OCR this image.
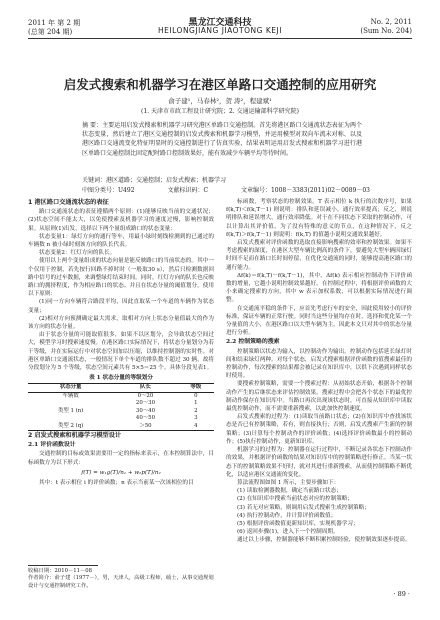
2011 年 第 2 期	No. 2, 2011
(总第 204 期)	(Sum No. 204)
黑龙江交通科技
HEILONGJIANG JIAOTONG KEJI
启发式搜索和机器学习在港区单路口交通控制的应用研究
俞子建¹，马春林²，贺 涛²，程建斌¹
(1. 天津市市政工程设计研究院；2. 交通运输部科学研究院)
摘 要：主要运用启发式搜索和机器学习研究港区单路口交通控制。首先将港区路口交通流状态表征为两个状态变量，然后建立了港区交通控制的启发式搜索和机器学习模型，并运用模型对双向车流未对称、以及港区路口交通流变化特征明显时的交通控制进行了仿真实验，结果表明运用启发式搜索和机器学习进行港区单路口交通控制比固定配时路口控制效果好，能有效减少车辆平均等待时间。
关键词：港区道路；交通控制；启发式搜索；机器学习
中图分类号：U492	文献标识码：C	文章编号：1008－3383(2011)02－0089－03
1 港区路口交通流状态的表征

路口交通流状态的表征遵循两个原则：(1)能够反映当前的交通状况；(2)状态空间不能太大，以免使搜索及机器学习的速度过慢，影响控制效果。从原则(1)出发，选择以下两个量组成路口的状态变量：

状态变量1：绿灯方向的通行等车，用最小绿时刻线检测到的已通过的车辆数 n 被小绿时刻该方向的队长代表。

状态变量2：红灯方向的队长。

使用以上两个变量组成的状态向量是能反映路口的当前状态的。其中一个仅用于控制，若先按行回路不掉时时（一般取30 s），然后只检测数据回路中信号的过车数据，来调整绿灯结束时间。同时，红灯方向的队长也反映路口的拥挤程度，作为相应路口的状态。并且在状态分量的阈值划分，使用以下原则：

(1)同一方向车辆符合路段平均，因此直取某一个车道的车辆作为状态变量；

(2)相对方向预测确定最大需求，取相对方向上状态分量值最大的作为该方向的状态分量。

由于状态分量的可能取值很多，如果不以区划分，会导致状态空间过大，模型学习时搜索速度慢。在港区路口实际情况下，将状态分量划分为若干等级，并在实际运行中对状态空间加以压缩，以维持控制器的实时性。对港区单路口交通流状态，一般情况下单个车道的排队数不超过 30 辆，故将分段划分为 5 个等级，状态空间元素共有 5×5＝25 个。具体分段见表1。

表 1 状态分量的等级划分
状态分量	队长	等级
车辆数	0～20	0
	20～30	1
类型 1 (n)	30～40	2
	40～50	3
类型 2 (q)	＞50	4
2 启发式搜索和机器学习模型设计
2.1 评价函数设计

交通控制的目标或效果需要用一定的指标来表示，在本控制算法中，目标函数方为以下形式：

f(T) = w₁g(T)/n₁ + w₂p(T)/n₂

其中：t 表示相位 i 的评价函数；n 表示当前某一次该相位的目

标函数，考察状态的控制效果。T 表示相位 k 执行的次数序号，如果 f(k,T)＜f(k,T－1) 则说明：排队和延误减小，通行效率提高；反之，则说明排队和延误增大，通行效率降低。对于在不同状态下采取的控制动作，可以计算出其评价值，为了没有特殊的意义的节点，在这种情况下，反之 f(k,T)＞f(k,T－1) 则说明：f(k,T) 的值越小说明交通效果越好。

启发式搜索对评价函数的选取直接影响搜索的效率和控制效果。如果不考虑搜索的深度，在港区大型车辆比例高的条件下，要避免大型车辆因绿灯时间不足而在路口长时间停留，在优化交通流的同时，能够提高港区路口的通行能力。

Δf(k)＝f(k,T)－f(k,T－1)，其中，Δf(k) 表示相应控制动作下评价函数的增量，它越小说明控制效果越好。在控制过程中，将根据评价函数的大小来确定搜索的方向，其中 w 表示加权系数，可以根据实际情况进行调整。

在交通流平稳的条件下，应首先考虑行车的安全，因此使用较小的评价标准，保证车辆的正常行驶。同时当这些分量均存在时，选择和优化某一个分量值的大小，在港区路口以大型车辆为主，因此本文只对其中的状态分量进行分析。

2.2 控制策略的搜索

控制策略以状态为输入，以控制动作为输出。控制动作包括延长绿灯时间和结束绿灯两种。对每个状态，启发式搜索根据评价函数的值搜索最佳的控制动作，每次搜索的结果都会被记录在知识库中，以供下次遇到同样状态时使用。

要搜索控制策略，需要一个搜索过程：从初始状态开始，根据各个控制动作产生的后继状态来评估控制效果。搜索过程中会把各个状态下的最优控制动作保存在知识库中。当路口再次出现该状态时，可直接从知识库中读取最优控制动作，而不需要重新搜索，以此加快控制速度。

启发式搜索的过程为：(1)读取当前路口状态；(2)在知识库中查找该状态是否已有控制策略，若有，则直接执行；否则，启发式搜索产生新的控制策略；(3)计算每个控制动作的评价函数；(4)选择评价函数最小的控制动作；(5)执行控制动作，更新知识库。

机器学习的过程为：控制器在运行过程中，不断记录各状态下控制动作的效果，并根据评价函数的结果对知识库中的控制策略进行修正。当某一状态下的控制策略效果不好时，就对其进行重新搜索，从而使控制策略不断优化，以适应港区交通流的变化。

算法流程图如图 1 所示，主要步骤如下：

(1) 读取检测器数据，确定当前路口状态；

(2) 在知识库中搜索当前状态对应的控制策略；

(3) 若无对应策略，则调用启发式搜索生成控制策略；

(4) 执行控制动作，并计算评价函数值；

(5) 根据评价函数值更新知识库，实现机器学习；

(6) 返回步骤(1)，进入下一个控制周期。

通过以上步骤，控制器能够不断积累控制经验，使控制效果逐步提高。

收稿日期：2010－11－08
作者简介：俞子建（1977－），男，天津人，高级工程师，硕士，从事交通规划设计与交通控制研究工作。
· 89 ·
